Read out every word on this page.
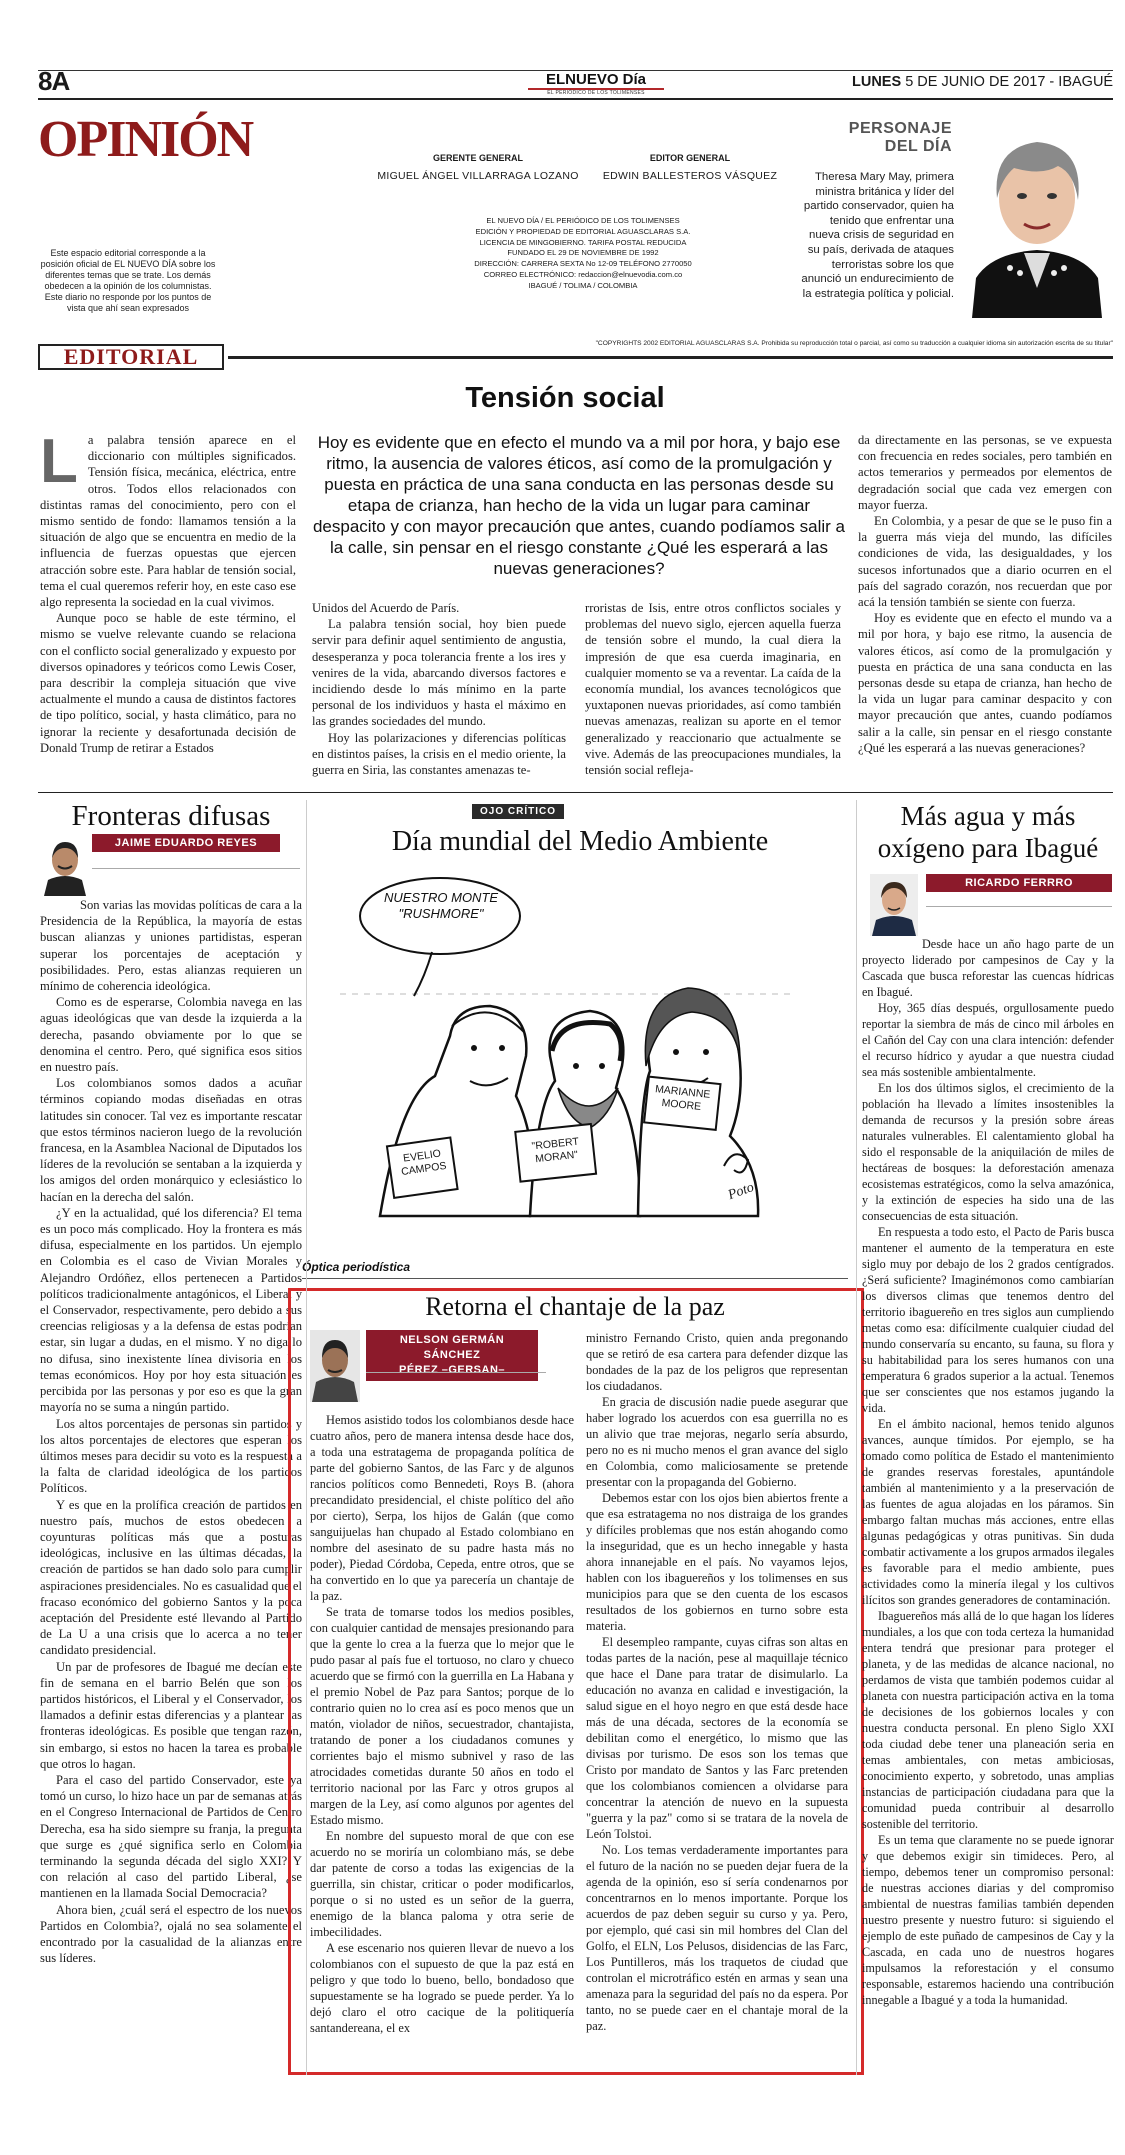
8A	ELNUEVO Día
EL PERIÓDICO DE LOS TOLIMENSES
LUNES 5 DE JUNIO DE 2017 - IBAGUÉ
OPINIÓN
Este espacio editorial corresponde a la posición oficial de EL NUEVO DÍA sobre los diferentes temas que se trate. Los demás obedecen a la opinión de los columnistas. Este diario no responde por los puntos de vista que ahí sean expresados
GERENTE GENERAL
MIGUEL ÁNGEL VILLARRAGA LOZANO
EDITOR GENERAL
EDWIN BALLESTEROS VÁSQUEZ
EL NUEVO DÍA / EL PERIÓDICO DE LOS TOLIMENSES
EDICIÓN Y PROPIEDAD DE EDITORIAL AGUASCLARAS S.A.
LICENCIA DE MINGOBIERNO. TARIFA POSTAL REDUCIDA
FUNDADO EL 29 DE NOVIEMBRE DE 1992
DIRECCIÓN: CARRERA SEXTA No 12-09 TELÉFONO 2770050
CORREO ELECTRÓNICO: redaccion@elnuevodia.com.co
IBAGUÉ / TOLIMA / COLOMBIA
PERSONAJE
DEL DÍA
Theresa Mary May, primera ministra británica y líder del partido conservador, quien ha tenido que enfrentar una nueva crisis de seguridad en su país, derivada de ataques terroristas sobre los que anunció un endurecimiento de la estrategia política y policial.
EDITORIAL
"COPYRIGHTS 2002 EDITORIAL AGUASCLARAS S.A. Prohibida su reproducción total o parcial, así como su traducción a cualquier idioma sin autorización escrita de su titular"
Tensión social
L a palabra tensión aparece en el diccionario con múltiples significados. Tensión física, mecánica, eléctrica, entre otros. Todos ellos relacionados con distintas ramas del conocimiento, pero con el mismo sentido de fondo: llamamos tensión a la situación de algo que se encuentra en medio de la influencia de fuerzas opuestas que ejercen atracción sobre este. Para hablar de tensión social, tema el cual queremos referir hoy, en este caso ese algo representa la sociedad en la cual vivimos.

Aunque poco se hable de este término, el mismo se vuelve relevante cuando se relaciona con el conflicto social generalizado y expuesto por diversos opinadores y teóricos como Lewis Coser, para describir la compleja situación que vive actualmente el mundo a causa de distintos factores de tipo político, social, y hasta climático, para no ignorar la reciente y desafortunada decisión de Donald Trump de retirar a Estados

Hoy es evidente que en efecto el mundo va a mil por hora, y bajo ese ritmo, la ausencia de valores éticos, así como de la promulgación y puesta en práctica de una sana conducta en las personas desde su etapa de crianza, han hecho de la vida un lugar para caminar despacito y con mayor precaución que antes, cuando podíamos salir a la calle, sin pensar en el riesgo constante ¿Qué les esperará a las nuevas generaciones?
Unidos del Acuerdo de París.

La palabra tensión social, hoy bien puede servir para definir aquel sentimiento de angustia, desesperanza y poca tolerancia frente a los ires y venires de la vida, abarcando diversos factores e incidiendo desde lo más mínimo en la parte personal de los individuos y hasta el máximo en las grandes sociedades del mundo.

Hoy las polarizaciones y diferencias políticas en distintos países, la crisis en el medio oriente, la guerra en Siria, las constantes amenazas te-

rroristas de Isis, entre otros conflictos sociales y problemas del nuevo siglo, ejercen aquella fuerza de tensión sobre el mundo, la cual diera la impresión de que esa cuerda imaginaria, en cualquier momento se va a reventar. La caída de la economía mundial, los avances tecnológicos que yuxtaponen nuevas prioridades, así como también nuevas amenazas, realizan su aporte en el temor generalizado y reaccionario que actualmente se vive. Además de las preocupaciones mundiales, la tensión social refleja-
da directamente en las personas, se ve expuesta con frecuencia en redes sociales, pero también en actos temerarios y permeados por elementos de degradación social que cada vez emergen con mayor fuerza.

En Colombia, y a pesar de que se le puso fin a la guerra más vieja del mundo, las difíciles condiciones de vida, las desigualdades, y los sucesos infortunados que a diario ocurren en el país del sagrado corazón, nos recuerdan que por acá la tensión también se siente con fuerza.

Hoy es evidente que en efecto el mundo va a mil por hora, y bajo ese ritmo, la ausencia de valores éticos, así como de la promulgación y puesta en práctica de una sana conducta en las personas desde su etapa de crianza, han hecho de la vida un lugar para caminar despacito y con mayor precaución que antes, cuando podíamos salir a la calle, sin pensar en el riesgo constante ¿Qué les esperará a las nuevas generaciones?

Fronteras difusas
JAIME EDUARDO REYES

Son varias las movidas políticas de cara a la Presidencia de la República, la mayoría de estas buscan alianzas y uniones partidistas, esperan superar los porcentajes de aceptación y posibilidades. Pero, estas alianzas requieren un mínimo de coherencia ideológica.

Como es de esperarse, Colombia navega en las aguas ideológicas que van desde la izquierda a la derecha, pasando obviamente por lo que se denomina el centro. Pero, qué significa esos sitios en nuestro país.

Los colombianos somos dados a acuñar términos copiando modas diseñadas en otras latitudes sin conocer. Tal vez es importante rescatar que estos términos nacieron luego de la revolución francesa, en la Asamblea Nacional de Diputados los líderes de la revolución se sentaban a la izquierda y los amigos del orden monárquico y eclesiástico lo hacían en la derecha del salón.

¿Y en la actualidad, qué los diferencia? El tema es un poco más complicado. Hoy la frontera es más difusa, especialmente en los partidos. Un ejemplo en Colombia es el caso de Vivian Morales y Alejandro Ordóñez, ellos pertenecen a Partidos políticos tradicionalmente antagónicos, el Liberal y el Conservador, respectivamente, pero debido a sus creencias religiosas y a la defensa de estas podrían estar, sin lugar a dudas, en el mismo. Y no diga lo no difusa, sino inexistente línea divisoria en los temas económicos. Hoy por hoy esta situación es percibida por las personas y por eso es que la gran mayoría no se suma a ningún partido.

Los altos porcentajes de personas sin partidos y los altos porcentajes de electores que esperan los últimos meses para decidir su voto es la respuesta a la falta de claridad ideológica de los partidos Políticos.

Y es que en la prolífica creación de partidos en nuestro país, muchos de estos obedecen a coyunturas políticas más que a posturas ideológicas, inclusive en las últimas décadas, la creación de partidos se han dado solo para cumplir aspiraciones presidenciales. No es casualidad que el fracaso económico del gobierno Santos y la poca aceptación del Presidente esté llevando al Partido de La U a una crisis que lo acerca a no tener candidato presidencial.

Un par de profesores de Ibagué me decían este fin de semana en el barrio Belén que son los partidos históricos, el Liberal y el Conservador, los llamados a definir estas diferencias y a plantear las fronteras ideológicas. Es posible que tengan razón, sin embargo, si estos no hacen la tarea es probable que otros lo hagan.

Para el caso del partido Conservador, este ya tomó un curso, lo hizo hace un par de semanas atrás en el Congreso Internacional de Partidos de Centro Derecha, esa ha sido siempre su franja, la pregunta que surge es ¿qué significa serlo en Colombia terminando la segunda década del siglo XXI? Y con relación al caso del partido Liberal, ¿se mantienen en la llamada Social Democracia?

Ahora bien, ¿cuál será el espectro de los nuevos Partidos en Colombia?, ojalá no sea solamente el encontrado por la casualidad de la alianzas entre sus líderes.

OJO CRÍTICO
Día mundial del Medio Ambiente
NUESTRO MONTE "RUSHMORE"
EVELIO CAMPOS
"ROBERT MORAN"
MARIANNE MOORE
Poto
Óptica periodística
Retorna el chantaje de la paz
NELSON GERMÁN SÁNCHEZ
PÉREZ –GERSAN–

Hemos asistido todos los colombianos desde hace cuatro años, pero de manera intensa desde hace dos, a toda una estratagema de propaganda política de parte del gobierno Santos, de las Farc y de algunos rancios políticos como Bennedeti, Roys B. (ahora precandidato presidencial, el chiste político del año por cierto), Serpa, los hijos de Galán (que como sanguijuelas han chupado al Estado colombiano en nombre del asesinato de su padre hasta más no poder), Piedad Córdoba, Cepeda, entre otros, que se ha convertido en lo que ya parecería un chantaje de la paz.

Se trata de tomarse todos los medios posibles, con cualquier cantidad de mensajes presionando para que la gente lo crea a la fuerza que lo mejor que le pudo pasar al país fue el tortuoso, no claro y chueco acuerdo que se firmó con la guerrilla en La Habana y el premio Nobel de Paz para Santos; porque de lo contrario quien no lo crea así es poco menos que un matón, violador de niños, secuestrador, chantajista, tratando de poner a los ciudadanos comunes y corrientes bajo el mismo subnivel y raso de las atrocidades cometidas durante 50 años en todo el territorio nacional por las Farc y otros grupos al margen de la Ley, así como algunos por agentes del Estado mismo.

En nombre del supuesto moral de que con ese acuerdo no se moriría un colombiano más, se debe dar patente de corso a todas las exigencias de la guerrilla, sin chistar, criticar o poder modificarlos, porque o si no usted es un señor de la guerra, enemigo de la blanca paloma y otra serie de imbecilidades.

A ese escenario nos quieren llevar de nuevo a los colombianos con el supuesto de que la paz está en peligro y que todo lo bueno, bello, bondadoso que supuestamente se ha logrado se puede perder. Ya lo dejó claro el otro cacique de la politiquería santandereana, el ex

ministro Fernando Cristo, quien anda pregonando que se retiró de esa cartera para defender dizque las bondades de la paz de los peligros que representan los ciudadanos.

En gracia de discusión nadie puede asegurar que haber logrado los acuerdos con esa guerrilla no es un alivio que trae mejoras, negarlo sería absurdo, pero no es ni mucho menos el gran avance del siglo en Colombia, como maliciosamente se pretende presentar con la propaganda del Gobierno.

Debemos estar con los ojos bien abiertos frente a que esa estratagema no nos distraiga de los grandes y difíciles problemas que nos están ahogando como la inseguridad, que es un hecho innegable y hasta ahora innanejable en el país. No vayamos lejos, hablen con los ibaguereños y los tolimenses en sus municipios para que se den cuenta de los escasos resultados de los gobiernos en turno sobre esta materia.

El desempleo rampante, cuyas cifras son altas en todas partes de la nación, pese al maquillaje técnico que hace el Dane para tratar de disimularlo. La educación no avanza en calidad e investigación, la salud sigue en el hoyo negro en que está desde hace más de una década, sectores de la economía se debilitan como el energético, lo mismo que las divisas por turismo. De esos son los temas que Cristo por mandato de Santos y las Farc pretenden que los colombianos comiencen a olvidarse para concentrar la atención de nuevo en la supuesta "guerra y la paz" como si se tratara de la novela de León Tolstoi.

No. Los temas verdaderamente importantes para el futuro de la nación no se pueden dejar fuera de la agenda de la opinión, eso sí sería condenarnos por concentrarnos en lo menos importante. Porque los acuerdos de paz deben seguir su curso y ya. Pero, por ejemplo, qué casi sin mil hombres del Clan del Golfo, el ELN, Los Pelusos, disidencias de las Farc, Los Puntilleros, más los traquetos de ciudad que controlan el microtráfico estén en armas y sean una amenaza para la seguridad del país no da espera. Por tanto, no se puede caer en el chantaje moral de la paz.

Más agua y más
oxígeno para Ibagué
RICARDO FERRRO

Desde hace un año hago parte de un proyecto liderado por campesinos de Cay y la Cascada que busca reforestar las cuencas hídricas en Ibagué.

Hoy, 365 días después, orgullosamente puedo reportar la siembra de más de cinco mil árboles en el Cañón del Cay con una clara intención: defender el recurso hídrico y ayudar a que nuestra ciudad sea más sostenible ambientalmente.

En los dos últimos siglos, el crecimiento de la población ha llevado a límites insostenibles la demanda de recursos y la presión sobre áreas naturales vulnerables. El calentamiento global ha sido el responsable de la aniquilación de miles de hectáreas de bosques: la deforestación amenaza ecosistemas estratégicos, como la selva amazónica, y la extinción de especies ha sido una de las consecuencias de esta situación.

En respuesta a todo esto, el Pacto de Paris busca mantener el aumento de la temperatura en este siglo muy por debajo de los 2 grados centígrados. ¿Será suficiente? Imaginémonos como cambiarían los diversos climas que tenemos dentro del territorio ibaguereño en tres siglos aun cumpliendo metas como esa: difícilmente cualquier ciudad del mundo conservaría su encanto, su fauna, su flora y su habitabilidad para los seres humanos con una temperatura 6 grados superior a la actual. Tenemos que ser conscientes que nos estamos jugando la vida.

En el ámbito nacional, hemos tenido algunos avances, aunque tímidos. Por ejemplo, se ha tomado como política de Estado el mantenimiento de grandes reservas forestales, apuntándole también al mantenimiento y a la preservación de las fuentes de agua alojadas en los páramos. Sin embargo faltan muchas más acciones, entre ellas algunas pedagógicas y otras punitivas. Sin duda combatir activamente a los grupos armados ilegales es favorable para el medio ambiente, pues actividades como la minería ilegal y los cultivos ilícitos son grandes generadores de contaminación.

Ibaguereños más allá de lo que hagan los líderes mundiales, a los que con toda certeza la humanidad entera tendrá que presionar para proteger el planeta, y de las medidas de alcance nacional, no perdamos de vista que también podemos cuidar al planeta con nuestra participación activa en la toma de decisiones de los gobiernos locales y con nuestra conducta personal. En pleno Siglo XXI toda ciudad debe tener una planeación seria en temas ambientales, con metas ambiciosas, conocimiento experto, y sobretodo, unas amplias instancias de participación ciudadana para que la comunidad pueda contribuir al desarrollo sostenible del territorio.

Es un tema que claramente no se puede ignorar y que debemos exigir sin timideces. Pero, al tiempo, debemos tener un compromiso personal: de nuestras acciones diarias y del compromiso ambiental de nuestras familias también dependen nuestro presente y nuestro futuro: si siguiendo el ejemplo de este puñado de campesinos de Cay y la Cascada, en cada uno de nuestros hogares impulsamos la reforestación y el consumo responsable, estaremos haciendo una contribución innegable a Ibagué y a toda la humanidad.
